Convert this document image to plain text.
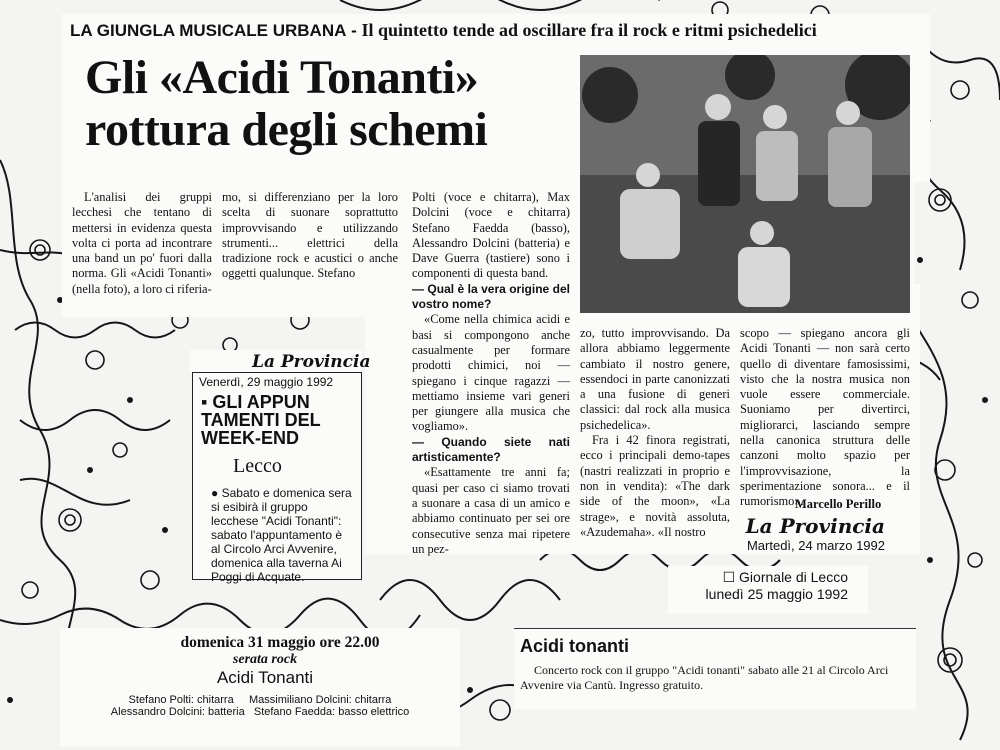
LA GIUNGLA MUSICALE URBANA - Il quintetto tende ad oscillare fra il rock e ritmi psichedelici
Gli «Acidi Tonanti»
rottura degli schemi

L'analisi dei gruppi lecchesi che tentano di mettersi in evidenza questa volta ci porta ad incontrare una band un po' fuori dalla norma. Gli «Acidi Tonanti» (nella foto), a loro ci riferia-

mo, si differenziano per la loro scelta di suonare soprattutto improvvisando e utilizzando strumenti... elettrici della tradizione rock e acustici o anche oggetti qualunque. Stefano

Polti (voce e chitarra), Max Dolcini (voce e chitarra) Stefano Faedda (basso), Alessandro Dolcini (batteria) e Dave Guerra (tastiere) sono i componenti di questa band.

— Qual è la vera origine del vostro nome?

«Come nella chimica acidi e basi si compongono anche casualmente per formare prodotti chimici, noi — spiegano i cinque ragazzi — mettiamo insieme vari generi per giungere alla musica che vogliamo».

— Quando siete nati artisticamente?

«Esattamente tre anni fa; quasi per caso ci siamo trovati a suonare a casa di un amico e abbiamo continuato per sei ore consecutive senza mai ripetere un pez-

zo, tutto improvvisando. Da allora abbiamo leggermente cambiato il nostro genere, essendoci in parte canonizzati a una fusione di generi classici: dal rock alla musica psichedelica».

Fra i 42 finora registrati, ecco i principali demo-tapes (nastri realizzati in proprio e non in vendita): «The dark side of the moon», «La strage», e novità assoluta, «Azudemaha». «Il nostro

scopo — spiegano ancora gli Acidi Tonanti — non sarà certo quello di diventare famosissimi, visto che la nostra musica non vuole essere commerciale. Suoniamo per divertirci, migliorarci, lasciando sempre nella canonica struttura delle canzoni molto spazio per l'improvvisazione, la sperimentazione sonora... e il rumorismo».

Marcello Perillo
La Provincia
Martedì, 24 marzo 1992
☐ Giornale di Lecco
lunedì 25 maggio 1992
La Provincia
Venerdì, 29 maggio 1992
▪ GLI APPUN
TAMENTI DEL
WEEK-END
Lecco
● Sabato e domenica sera si esibirà il gruppo lecchese "Acidi Tonanti": sabato l'appuntamento è al Circolo Arci Avvenire, domenica alla taverna Ai Poggi di Acquate.
domenica 31 maggio ore 22.00
serata rock
Acidi Tonanti
Stefano Polti: chitarra     Massimiliano Dolcini: chitarra
Alessandro Dolcini: batteria   Stefano Faedda: basso elettrico
Acidi tonanti
Concerto rock con il gruppo "Acidi tonanti" sabato alle 21 al Circolo Arci Avvenire via Cantù. Ingresso gratuito.
